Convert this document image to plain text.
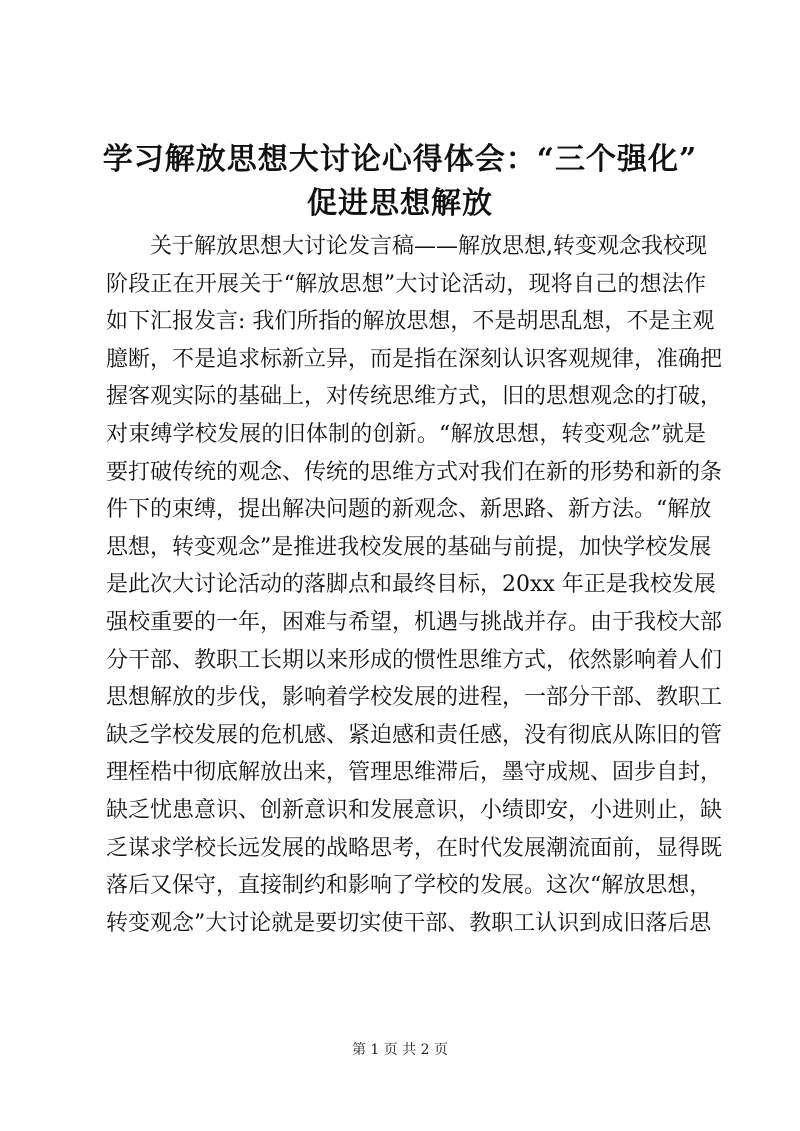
学习解放思想大讨论心得体会：“三个强化”
促进思想解放
关于解放思想大讨论发言稿——解放思想,转变观念我校现
阶段正在开展关于“解放思想”大讨论活动，现将自己的想法作
如下汇报发言: 我们所指的解放思想，不是胡思乱想，不是主观
臆断，不是追求标新立异，而是指在深刻认识客观规律，准确把
握客观实际的基础上，对传统思维方式，旧的思想观念的打破，
对束缚学校发展的旧体制的创新。“解放思想，转变观念”就是
要打破传统的观念、传统的思维方式对我们在新的形势和新的条
件下的束缚，提出解决问题的新观念、新思路、新方法。“解放
思想，转变观念”是推进我校发展的基础与前提，加快学校发展
是此次大讨论活动的落脚点和最终目标，20xx 年正是我校发展
强校重要的一年，困难与希望，机遇与挑战并存。由于我校大部
分干部、教职工长期以来形成的惯性思维方式，依然影响着人们
思想解放的步伐，影响着学校发展的进程，一部分干部、教职工
缺乏学校发展的危机感、紧迫感和责任感，没有彻底从陈旧的管
理桎梏中彻底解放出来，管理思维滞后，墨守成规、固步自封，
缺乏忧患意识、创新意识和发展意识，小绩即安，小进则止，缺
乏谋求学校长远发展的战略思考，在时代发展潮流面前，显得既
落后又保守，直接制约和影响了学校的发展。这次“解放思想，
转变观念”大讨论就是要切实使干部、教职工认识到成旧落后思
第 1 页 共 2 页
